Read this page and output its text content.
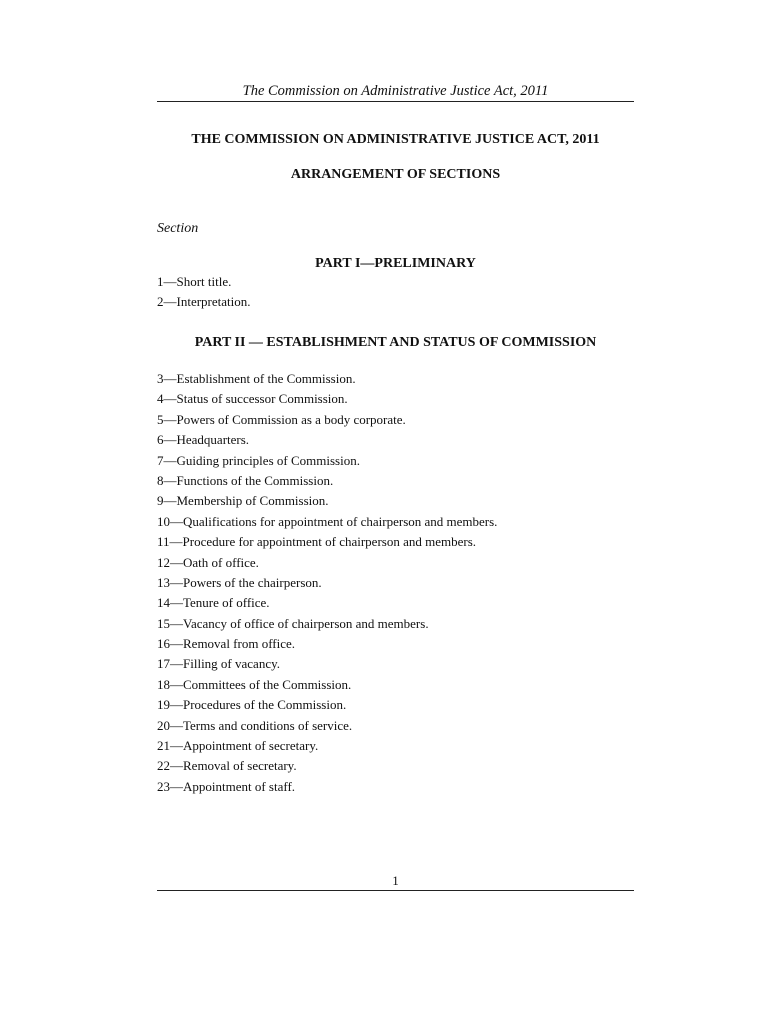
The Commission on Administrative Justice Act, 2011
THE COMMISSION ON ADMINISTRATIVE JUSTICE ACT, 2011
ARRANGEMENT OF SECTIONS
Section
PART I—PRELIMINARY
1—Short title.
2—Interpretation.
PART II — ESTABLISHMENT AND STATUS OF COMMISSION
3—Establishment of the Commission.
4—Status of successor Commission.
5—Powers of Commission as a body corporate.
6—Headquarters.
7—Guiding principles of Commission.
8—Functions of the Commission.
9—Membership of Commission.
10—Qualifications for appointment of chairperson and members.
11—Procedure for appointment of chairperson and members.
12—Oath of office.
13—Powers of the chairperson.
14—Tenure of office.
15—Vacancy of office of chairperson and members.
16—Removal from office.
17—Filling of vacancy.
18—Committees of the Commission.
19—Procedures of the Commission.
20—Terms and conditions of service.
21—Appointment of secretary.
22—Removal of secretary.
23—Appointment of staff.
1
